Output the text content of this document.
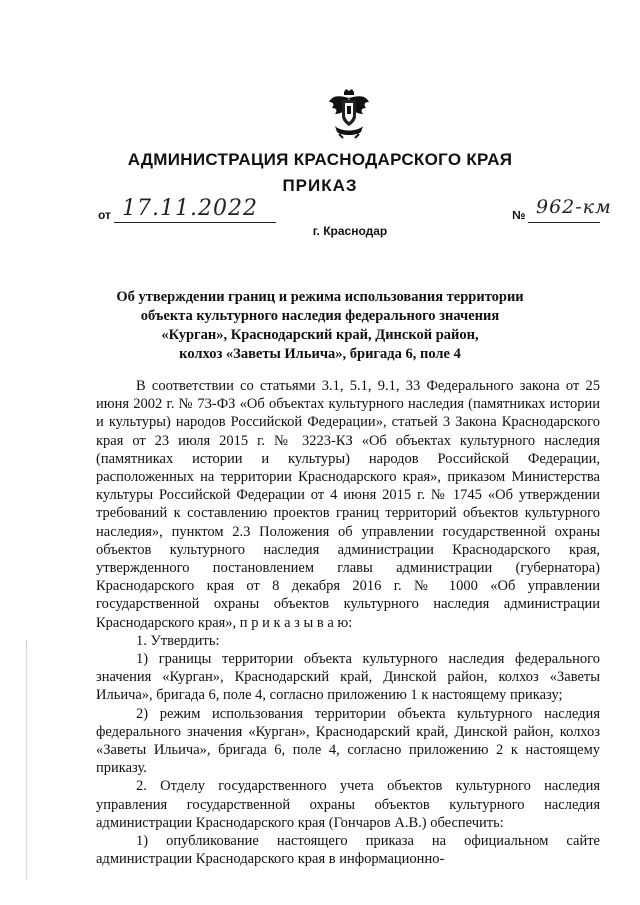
АДМИНИСТРАЦИЯ КРАСНОДАРСКОГО КРАЯ
ПРИКАЗ
от 17.11.2022	№ 962-км
г. Краснодар
Об утверждении границ и режима использования территории
объекта культурного наследия федерального значения
«Курган», Краснодарский край, Динской район,
колхоз «Заветы Ильича», бригада 6, поле 4

В соответствии со статьями 3.1, 5.1, 9.1, 33 Федерального закона от 25 июня 2002 г. № 73-ФЗ «Об объектах культурного наследия (памятниках истории и культуры) народов Российской Федерации», статьей 3 Закона Краснодарского края от 23 июля 2015 г. № 3223-КЗ «Об объектах культурного наследия (памятниках истории и культуры) народов Российской Федерации, расположенных на территории Краснодарского края», приказом Министерства культуры Российской Федерации от 4 июня 2015 г. № 1745 «Об утверждении требований к составлению проектов границ территорий объектов культурного наследия», пунктом 2.3 Положения об управлении государственной охраны объектов культурного наследия администрации Краснодарского края, утвержденного постановлением главы администрации (губернатора) Краснодарского края от 8 декабря 2016 г. № 1000 «Об управлении государственной охраны объектов культурного наследия администрации Краснодарского края», п р и к а з ы в а ю:

1. Утвердить:

1) границы территории объекта культурного наследия федерального значения «Курган», Краснодарский край, Динской район, колхоз «Заветы Ильича», бригада 6, поле 4, согласно приложению 1 к настоящему приказу;

2) режим использования территории объекта культурного наследия федерального значения «Курган», Краснодарский край, Динской район, колхоз «Заветы Ильича», бригада 6, поле 4, согласно приложению 2 к настоящему приказу.

2. Отделу государственного учета объектов культурного наследия управления государственной охраны объектов культурного наследия администрации Краснодарского края (Гончаров А.В.) обеспечить:

1) опубликование настоящего приказа на официальном сайте администрации Краснодарского края в информационно-
